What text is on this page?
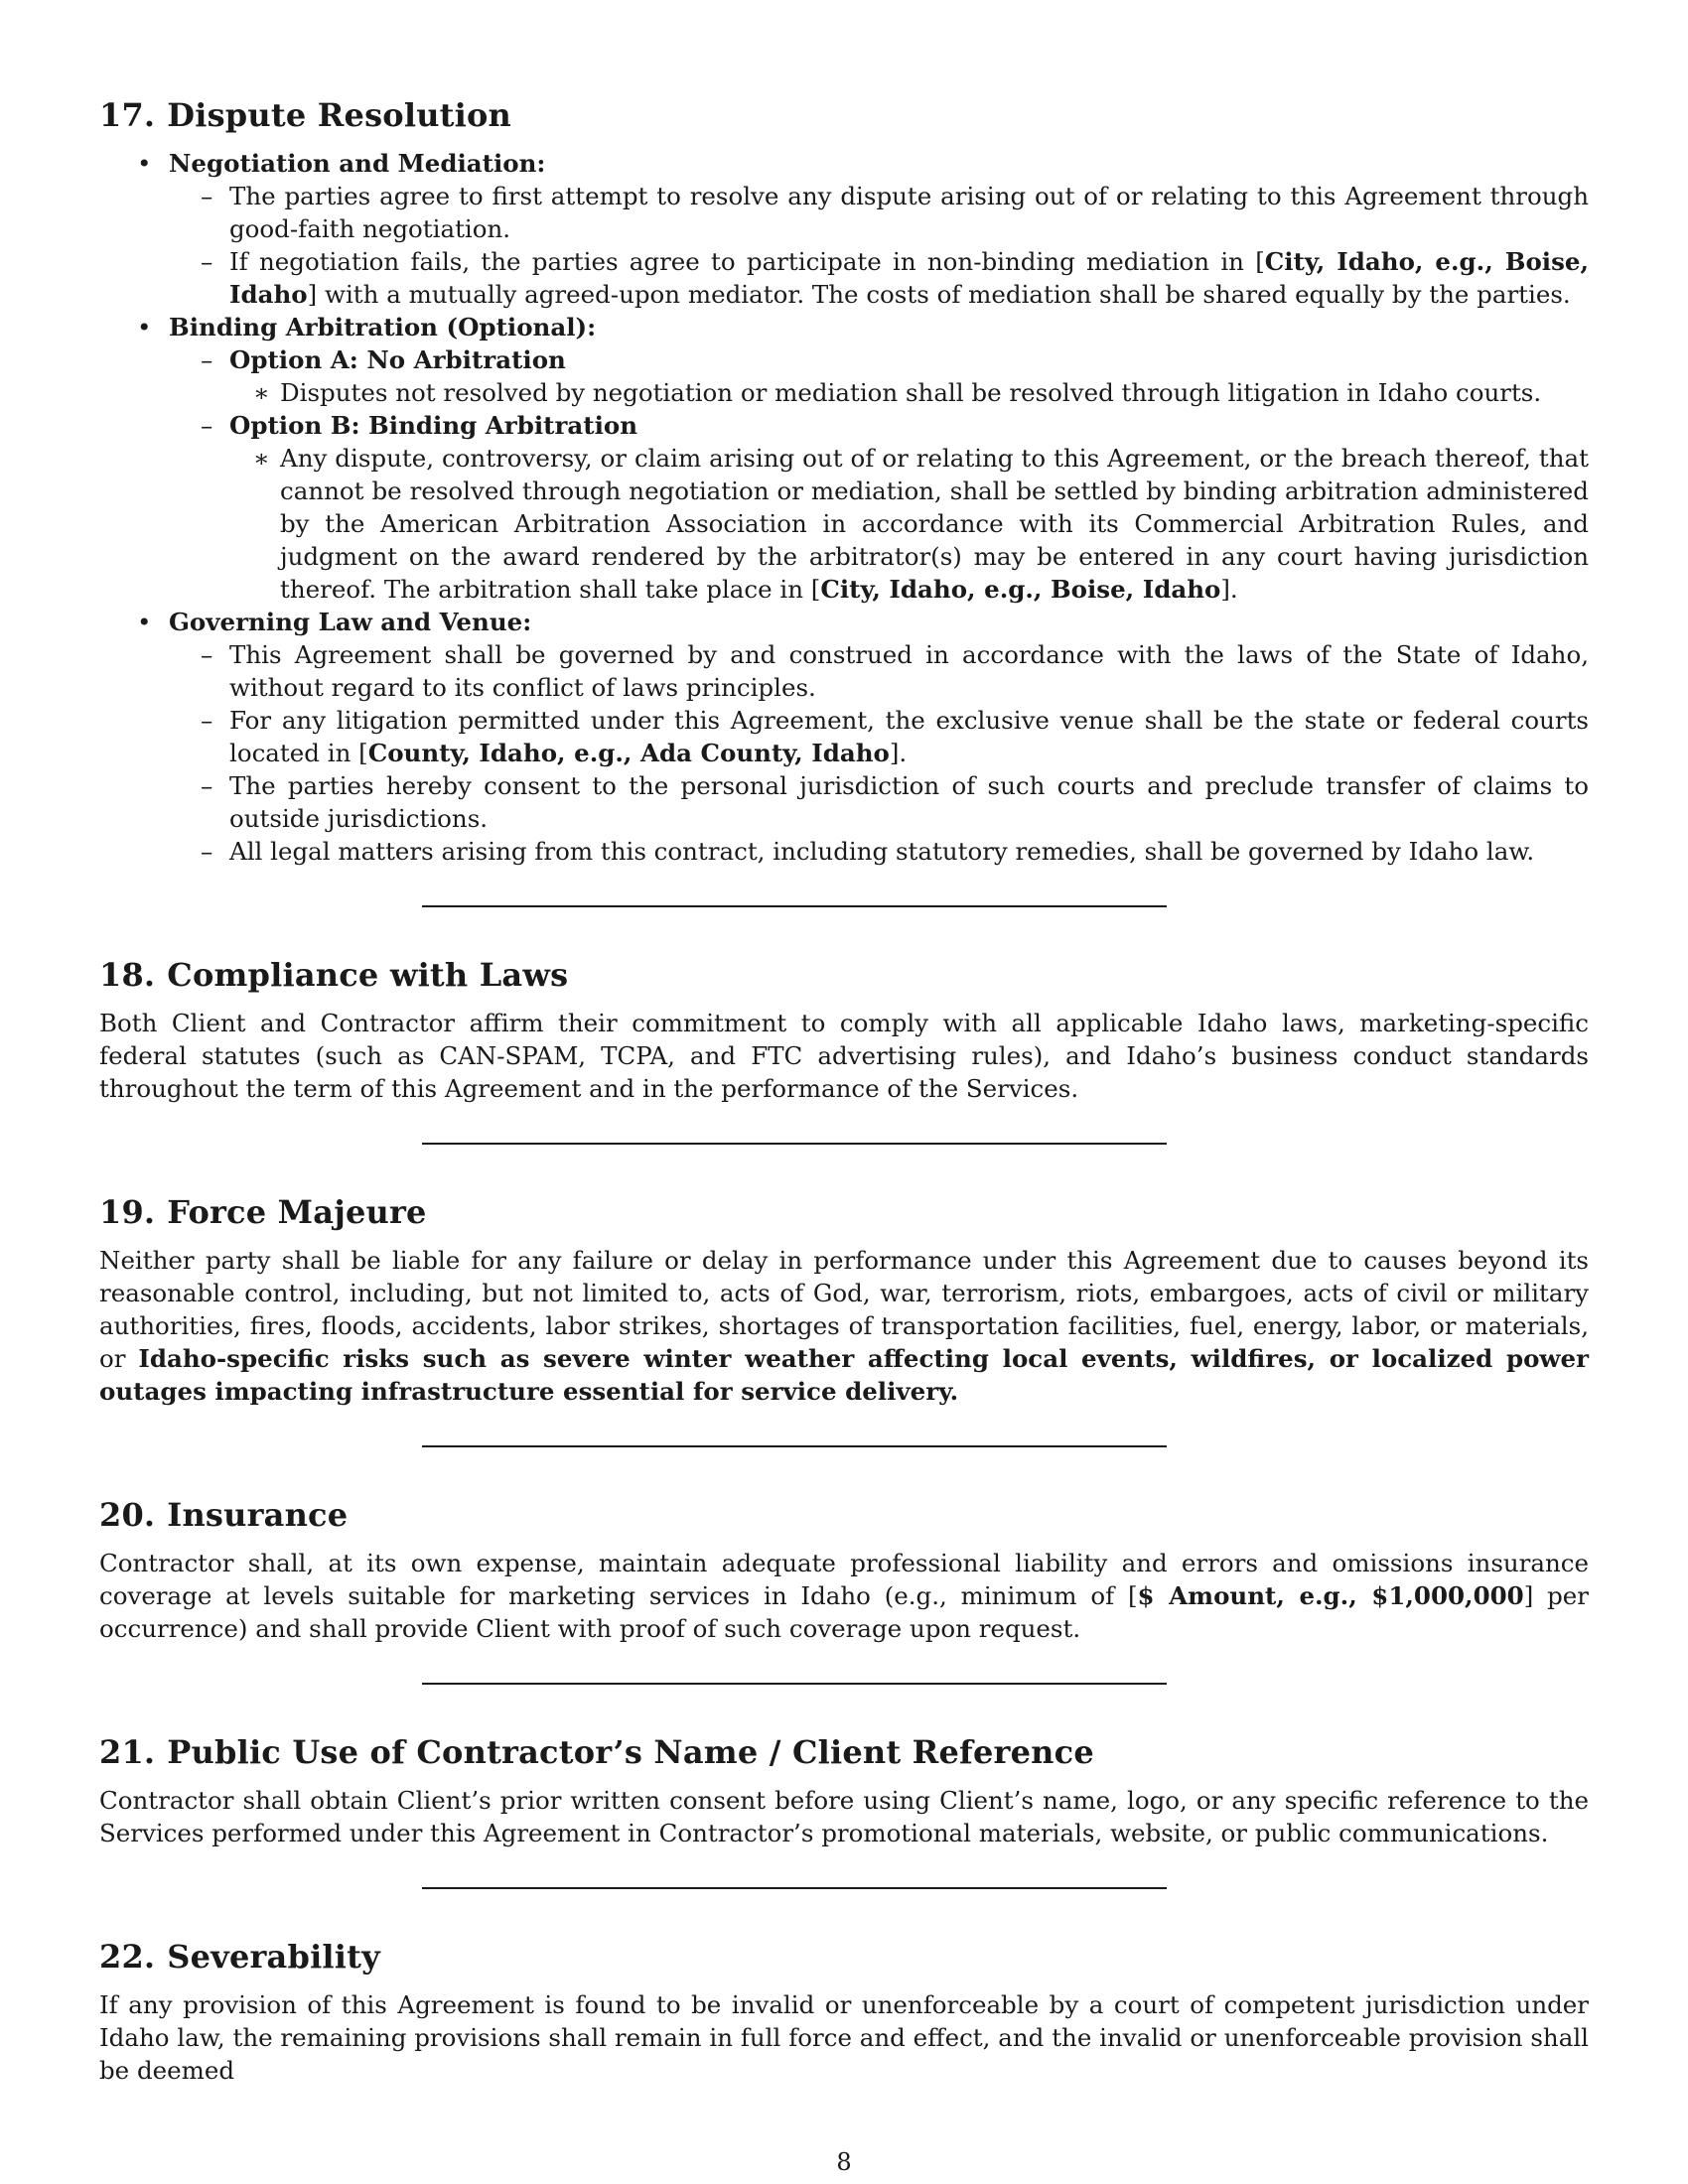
17. Dispute Resolution
• Negotiation and Mediation:
– The parties agree to first attempt to resolve any dispute arising out of or relating to this Agreement through good-faith negotiation.
– If negotiation fails, the parties agree to participate in non-binding mediation in [City, Idaho, e.g., Boise, Idaho] with a mutually agreed-upon mediator. The costs of mediation shall be shared equally by the parties.
• Binding Arbitration (Optional):
– Option A: No Arbitration
∗ Disputes not resolved by negotiation or mediation shall be resolved through litigation in Idaho courts.
– Option B: Binding Arbitration
∗ Any dispute, controversy, or claim arising out of or relating to this Agreement, or the breach thereof, that cannot be resolved through negotiation or mediation, shall be settled by binding arbitration administered by the American Arbitration Association in accordance with its Commercial Arbitration Rules, and judgment on the award rendered by the arbitrator(s) may be entered in any court having jurisdiction thereof. The arbitration shall take place in [City, Idaho, e.g., Boise, Idaho].
• Governing Law and Venue:
– This Agreement shall be governed by and construed in accordance with the laws of the State of Idaho, without regard to its conflict of laws principles.
– For any litigation permitted under this Agreement, the exclusive venue shall be the state or federal courts located in [County, Idaho, e.g., Ada County, Idaho].
– The parties hereby consent to the personal jurisdiction of such courts and preclude transfer of claims to outside jurisdictions.
– All legal matters arising from this contract, including statutory remedies, shall be governed by Idaho law.
18. Compliance with Laws

Both Client and Contractor affirm their commitment to comply with all applicable Idaho laws, marketing-specific federal statutes (such as CAN-SPAM, TCPA, and FTC advertising rules), and Idaho’s business conduct standards throughout the term of this Agreement and in the performance of the Services.

19. Force Majeure

Neither party shall be liable for any failure or delay in performance under this Agreement due to causes beyond its reasonable control, including, but not limited to, acts of God, war, terrorism, riots, embargoes, acts of civil or military authorities, fires, floods, accidents, labor strikes, shortages of transportation facilities, fuel, energy, labor, or materials, or Idaho-specific risks such as severe winter weather affecting local events, wildfires, or localized power outages impacting infrastructure essential for service delivery.

20. Insurance

Contractor shall, at its own expense, maintain adequate professional liability and errors and omissions insurance coverage at levels suitable for marketing services in Idaho (e.g., minimum of [$ Amount, e.g., $1,000,000] per occurrence) and shall provide Client with proof of such coverage upon request.

21. Public Use of Contractor’s Name / Client Reference

Contractor shall obtain Client’s prior written consent before using Client’s name, logo, or any specific reference to the Services performed under this Agreement in Contractor’s promotional materials, website, or public communications.

22. Severability

If any provision of this Agreement is found to be invalid or unenforceable by a court of competent jurisdiction under Idaho law, the remaining provisions shall remain in full force and effect, and the invalid or unenforceable provision shall be deemed

8
